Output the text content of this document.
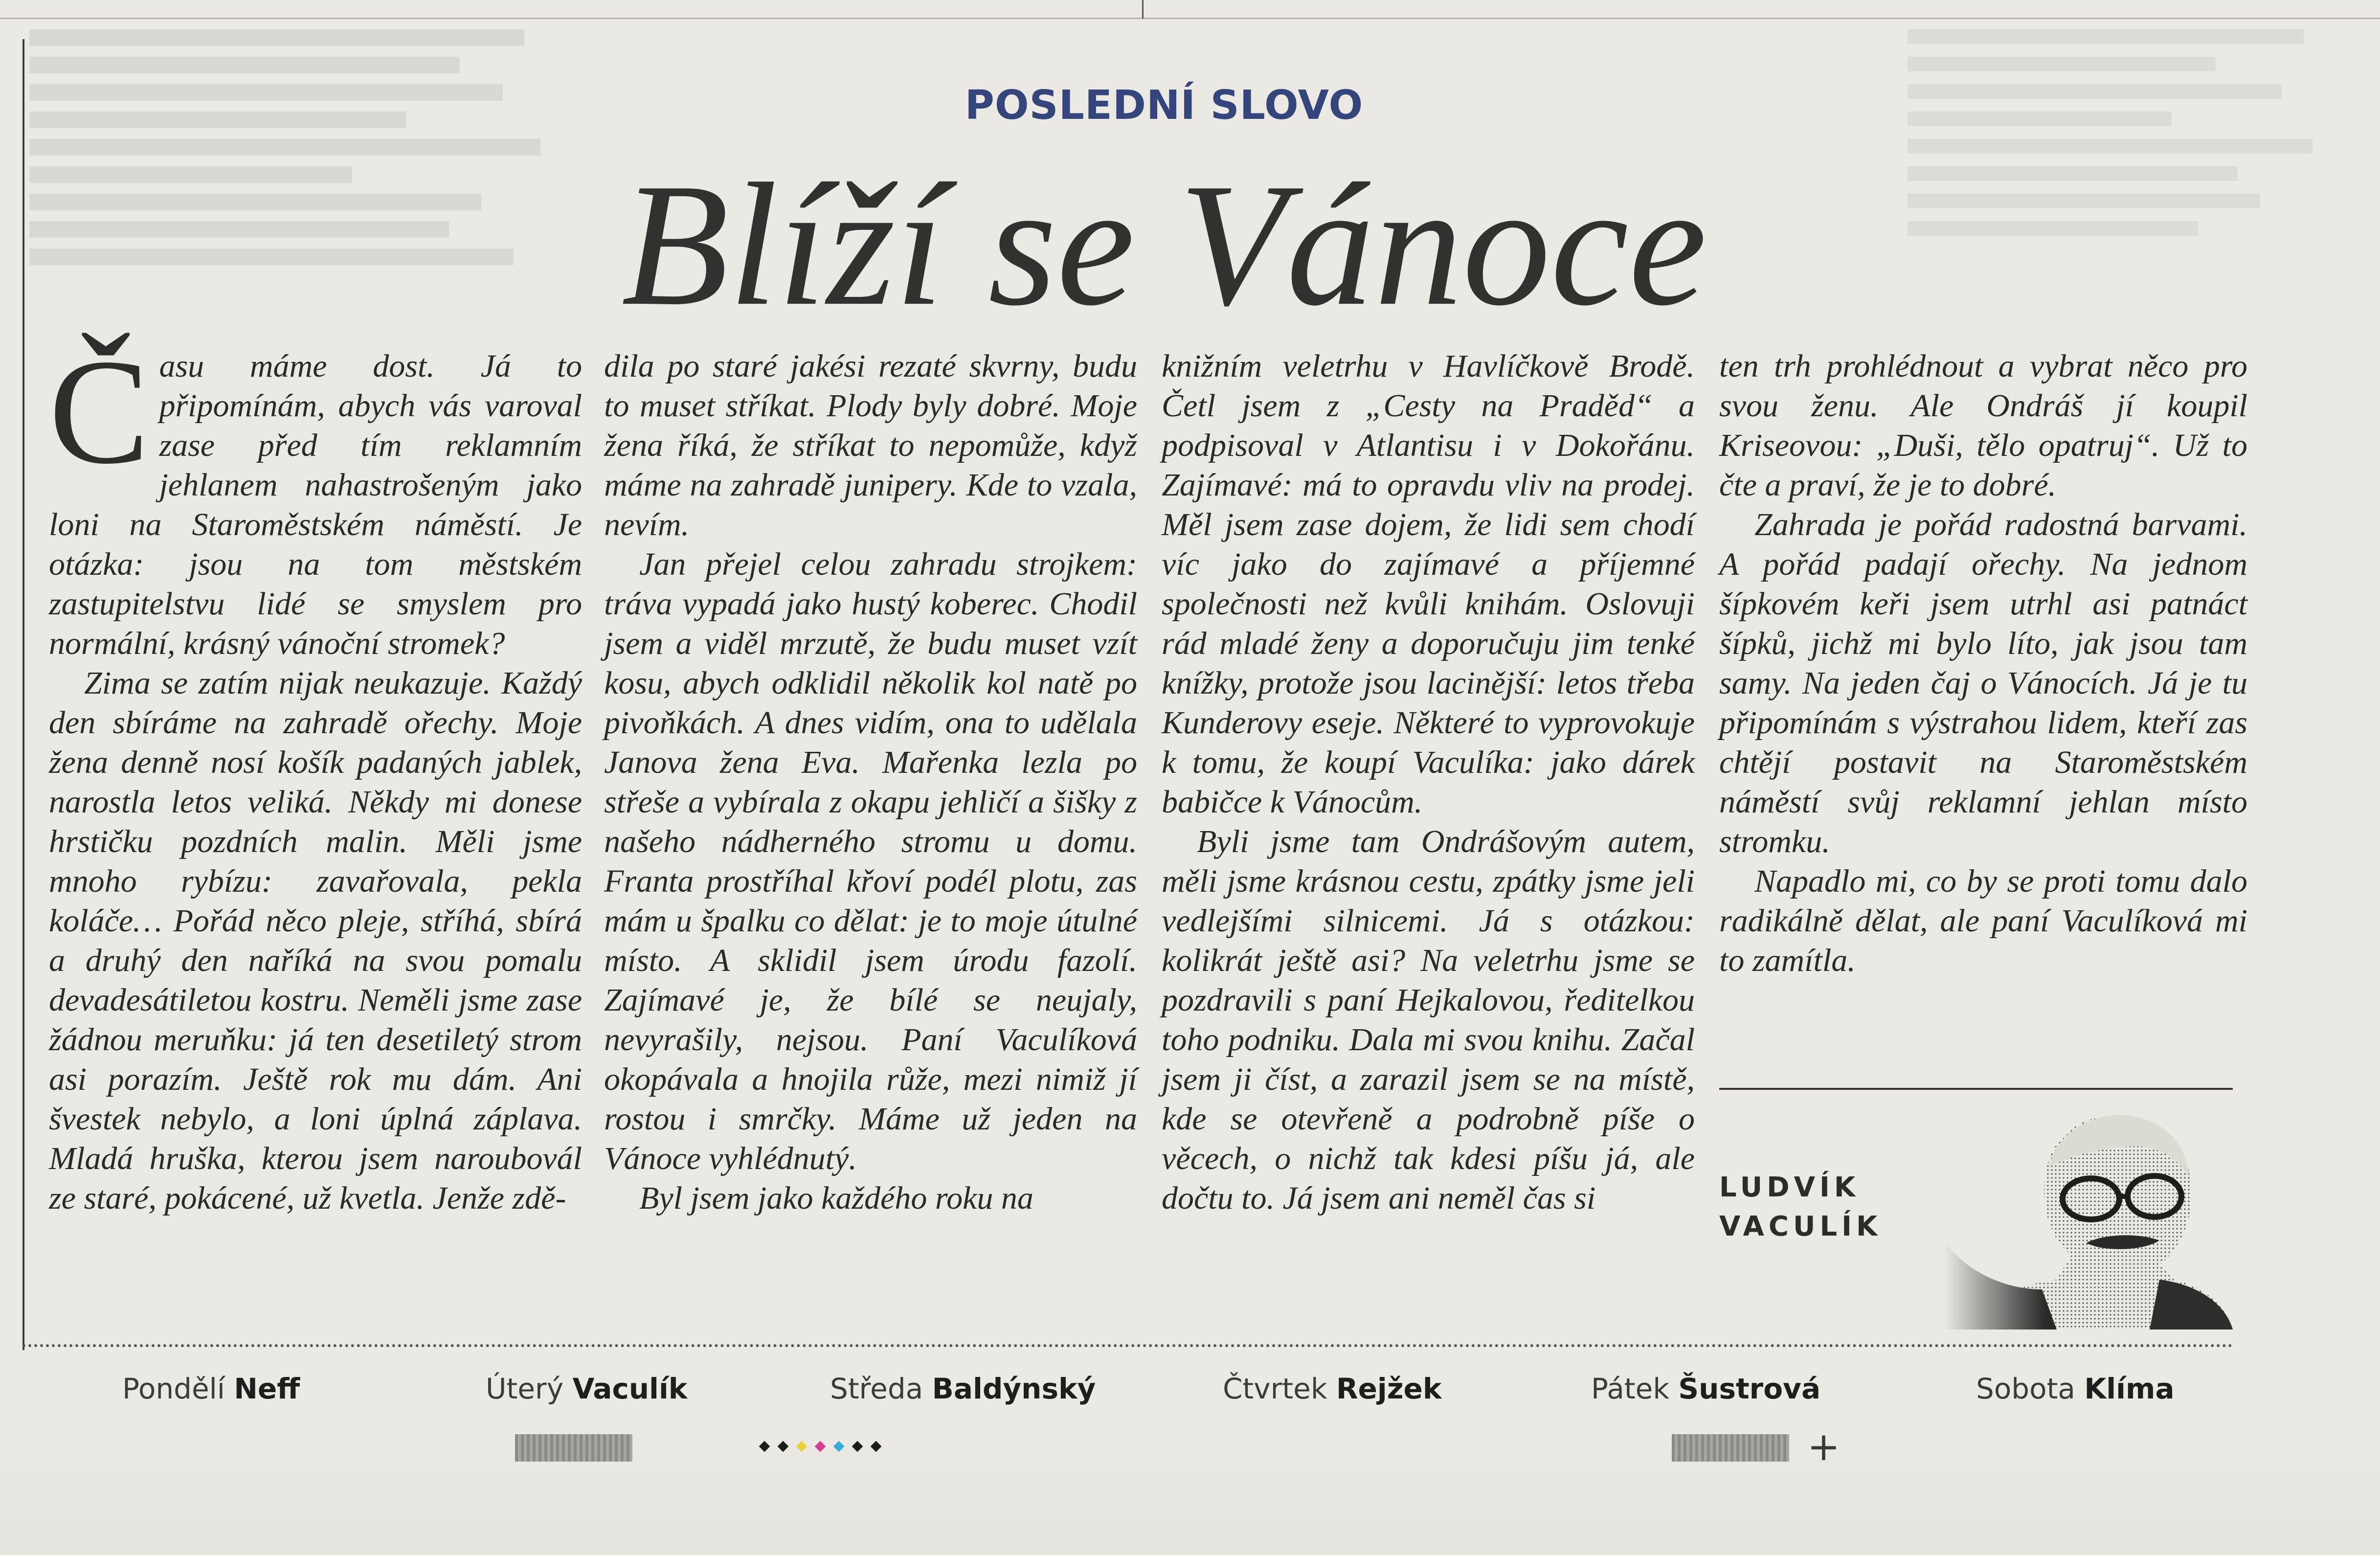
POSLEDNÍ SLOVO
Blíží se Vánoce

Času máme dost. Já to připomínám, abych vás varoval zase před tím reklamním jehlanem nahastrošeným jako loni na Staroměstském náměstí. Je otázka: jsou na tom městském zastupitelstvu lidé se smyslem pro normální, krásný vánoční stromek?

Zima se zatím nijak neukazuje. Každý den sbíráme na zahradě ořechy. Moje žena denně nosí košík padaných jablek, narostla letos veliká. Někdy mi donese hrstičku pozdních malin. Měli jsme mnoho rybízu: zavařovala, pekla koláče… Pořád něco pleje, stříhá, sbírá a druhý den naříká na svou pomalu devadesátiletou kostru. Neměli jsme zase žádnou meruňku: já ten desetiletý strom asi porazím. Ještě rok mu dám. Ani švestek nebylo, a loni úplná záplava. Mladá hruška, kterou jsem naroubovál ze staré, pokácené, už kvetla. Jenže zdě-

dila po staré jakési rezaté skvrny, budu to muset stříkat. Plody byly dobré. Moje žena říká, že stříkat to nepomůže, když máme na zahradě junipery. Kde to vzala, nevím.

Jan přejel celou zahradu strojkem: tráva vypadá jako hustý koberec. Chodil jsem a viděl mrzutě, že budu muset vzít kosu, abych odklidil několik kol natě po pivoňkách. A dnes vidím, ona to udělala Janova žena Eva. Mařenka lezla po střeše a vybírala z okapu jehličí a šišky z našeho nádherného stromu u domu. Franta prostříhal křoví podél plotu, zas mám u špalku co dělat: je to moje útulné místo. A sklidil jsem úrodu fazolí. Zajímavé je, že bílé se neujaly, nevyrašily, nejsou. Paní Vaculíková okopávala a hnojila růže, mezi nimiž jí rostou i smrčky. Máme už jeden na Vánoce vyhlédnutý.

Byl jsem jako každého roku na

knižním veletrhu v Havlíčkově Brodě. Četl jsem z „Cesty na Praděd“ a podpisoval v Atlantisu i v Dokořánu. Zajímavé: má to opravdu vliv na prodej. Měl jsem zase dojem, že lidi sem chodí víc jako do zajímavé a příjemné společnosti než kvůli knihám. Oslovuji rád mladé ženy a doporučuju jim tenké knížky, protože jsou lacinější: letos třeba Kunderovy eseje. Některé to vyprovokuje k tomu, že koupí Vaculíka: jako dárek babičce k Vánocům.

Byli jsme tam Ondrášovým autem, měli jsme krásnou cestu, zpátky jsme jeli vedlejšími silnicemi. Já s otázkou: kolikrát ještě asi? Na veletrhu jsme se pozdravili s paní Hejkalovou, ředitelkou toho podniku. Dala mi svou knihu. Začal jsem ji číst, a zarazil jsem se na místě, kde se otevřeně a podrobně píše o věcech, o nichž tak kdesi píšu já, ale dočtu to. Já jsem ani neměl čas si

ten trh prohlédnout a vybrat něco pro svou ženu. Ale Ondráš jí koupil Kriseovou: „Duši, tělo opatruj“. Už to čte a praví, že je to dobré.

Zahrada je pořád radostná barvami. A pořád padají ořechy. Na jednom šípkovém keři jsem utrhl asi patnáct šípků, jichž mi bylo líto, jak jsou tam samy. Na jeden čaj o Vánocích. Já je tu připomínám s výstrahou lidem, kteří zas chtějí postavit na Staroměstském náměstí svůj reklamní jehlan místo stromku.

Napadlo mi, co by se proti tomu dalo radikálně dělat, ale paní Vaculíková mi to zamítla.

LUDVÍK
VACULÍK
Pondělí Neff	Úterý Vaculík	Středa Baldýnský	Čtvrtek Rejžek	Pátek Šustrová	Sobota Klíma
+
